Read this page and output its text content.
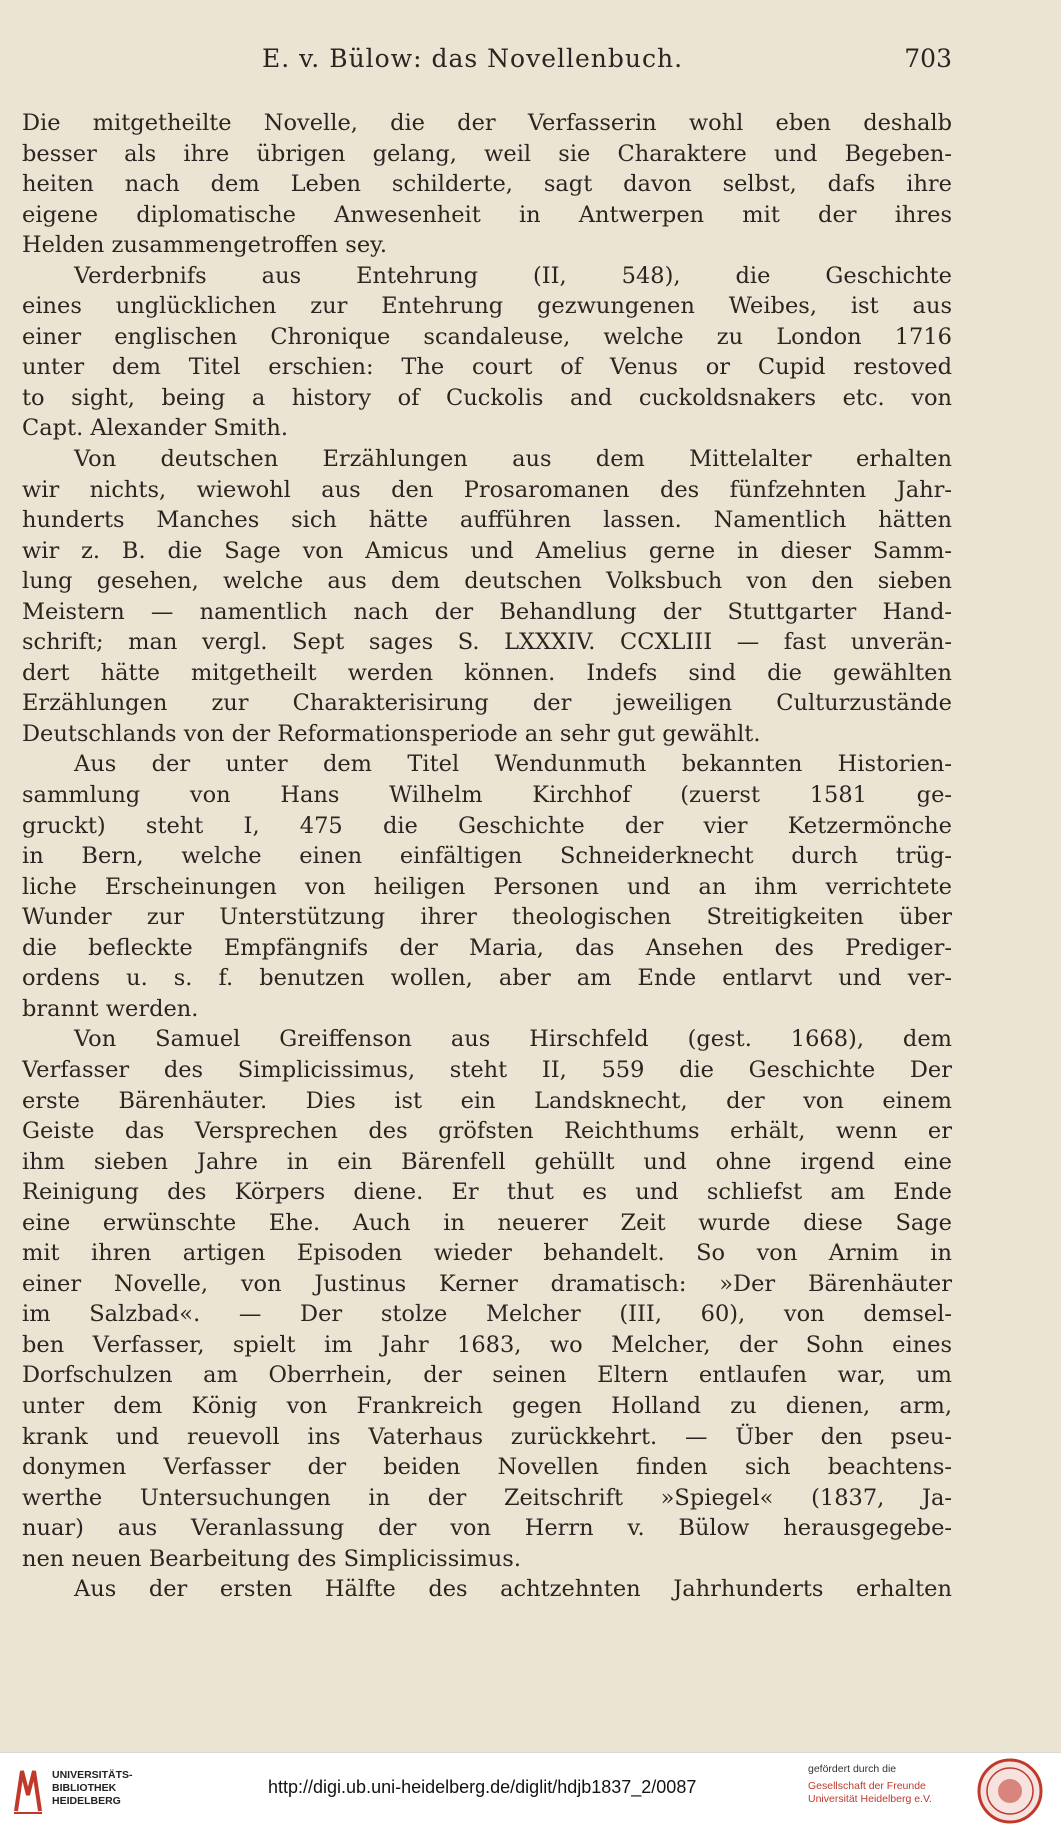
E. v. Bülow: das Novellenbuch.	703
Die mitgetheilte Novelle, die der Verfasserin wohl eben deshalb
besser als ihre übrigen gelang, weil sie Charaktere und Begeben-
heiten nach dem Leben schilderte, sagt davon selbst, dafs ihre
eigene diplomatische Anwesenheit in Antwerpen mit der ihres
Helden zusammengetroffen sey.
Verderbnifs aus Entehrung (II, 548), die Geschichte
eines unglücklichen zur Entehrung gezwungenen Weibes, ist aus
einer englischen Chronique scandaleuse, welche zu London 1716
unter dem Titel erschien: The court of Venus or Cupid restoved
to sight, being a history of Cuckolis and cuckoldsnakers etc. von
Capt. Alexander Smith.
Von deutschen Erzählungen aus dem Mittelalter erhalten
wir nichts, wiewohl aus den Prosaromanen des fünfzehnten Jahr-
hunderts Manches sich hätte aufführen lassen. Namentlich hätten
wir z. B. die Sage von Amicus und Amelius gerne in dieser Samm-
lung gesehen, welche aus dem deutschen Volksbuch von den sieben
Meistern — namentlich nach der Behandlung der Stuttgarter Hand-
schrift; man vergl. Sept sages S. LXXXIV. CCXLIII — fast unverän-
dert hätte mitgetheilt werden können. Indefs sind die gewählten
Erzählungen zur Charakterisirung der jeweiligen Culturzustände
Deutschlands von der Reformationsperiode an sehr gut gewählt.
Aus der unter dem Titel Wendunmuth bekannten Historien-
sammlung von Hans Wilhelm Kirchhof (zuerst 1581 ge-
gruckt) steht I, 475 die Geschichte der vier Ketzermönche
in Bern, welche einen einfältigen Schneiderknecht durch trüg-
liche Erscheinungen von heiligen Personen und an ihm verrichtete
Wunder zur Unterstützung ihrer theologischen Streitigkeiten über
die befleckte Empfängnifs der Maria, das Ansehen des Prediger-
ordens u. s. f. benutzen wollen, aber am Ende entlarvt und ver-
brannt werden.
Von Samuel Greiffenson aus Hirschfeld (gest. 1668), dem
Verfasser des Simplicissimus, steht II, 559 die Geschichte Der
erste Bärenhäuter. Dies ist ein Landsknecht, der von einem
Geiste das Versprechen des gröfsten Reichthums erhält, wenn er
ihm sieben Jahre in ein Bärenfell gehüllt und ohne irgend eine
Reinigung des Körpers diene. Er thut es und schliefst am Ende
eine erwünschte Ehe. Auch in neuerer Zeit wurde diese Sage
mit ihren artigen Episoden wieder behandelt. So von Arnim in
einer Novelle, von Justinus Kerner dramatisch: »Der Bärenhäuter
im Salzbad«. — Der stolze Melcher (III, 60), von demsel-
ben Verfasser, spielt im Jahr 1683, wo Melcher, der Sohn eines
Dorfschulzen am Oberrhein, der seinen Eltern entlaufen war, um
unter dem König von Frankreich gegen Holland zu dienen, arm,
krank und reuevoll ins Vaterhaus zurückkehrt. — Über den pseu-
donymen Verfasser der beiden Novellen finden sich beachtens-
werthe Untersuchungen in der Zeitschrift »Spiegel« (1837, Ja-
nuar) aus Veranlassung der von Herrn v. Bülow herausgegebe-
nen neuen Bearbeitung des Simplicissimus.
Aus der ersten Hälfte des achtzehnten Jahrhunderts erhalten
UNIVERSITÄTS-
BIBLIOTHEK
HEIDELBERG
http://digi.ub.uni-heidelberg.de/diglit/hdjb1837_2/0087
gefördert durch die
Gesellschaft der Freunde
Universität Heidelberg e.V.
